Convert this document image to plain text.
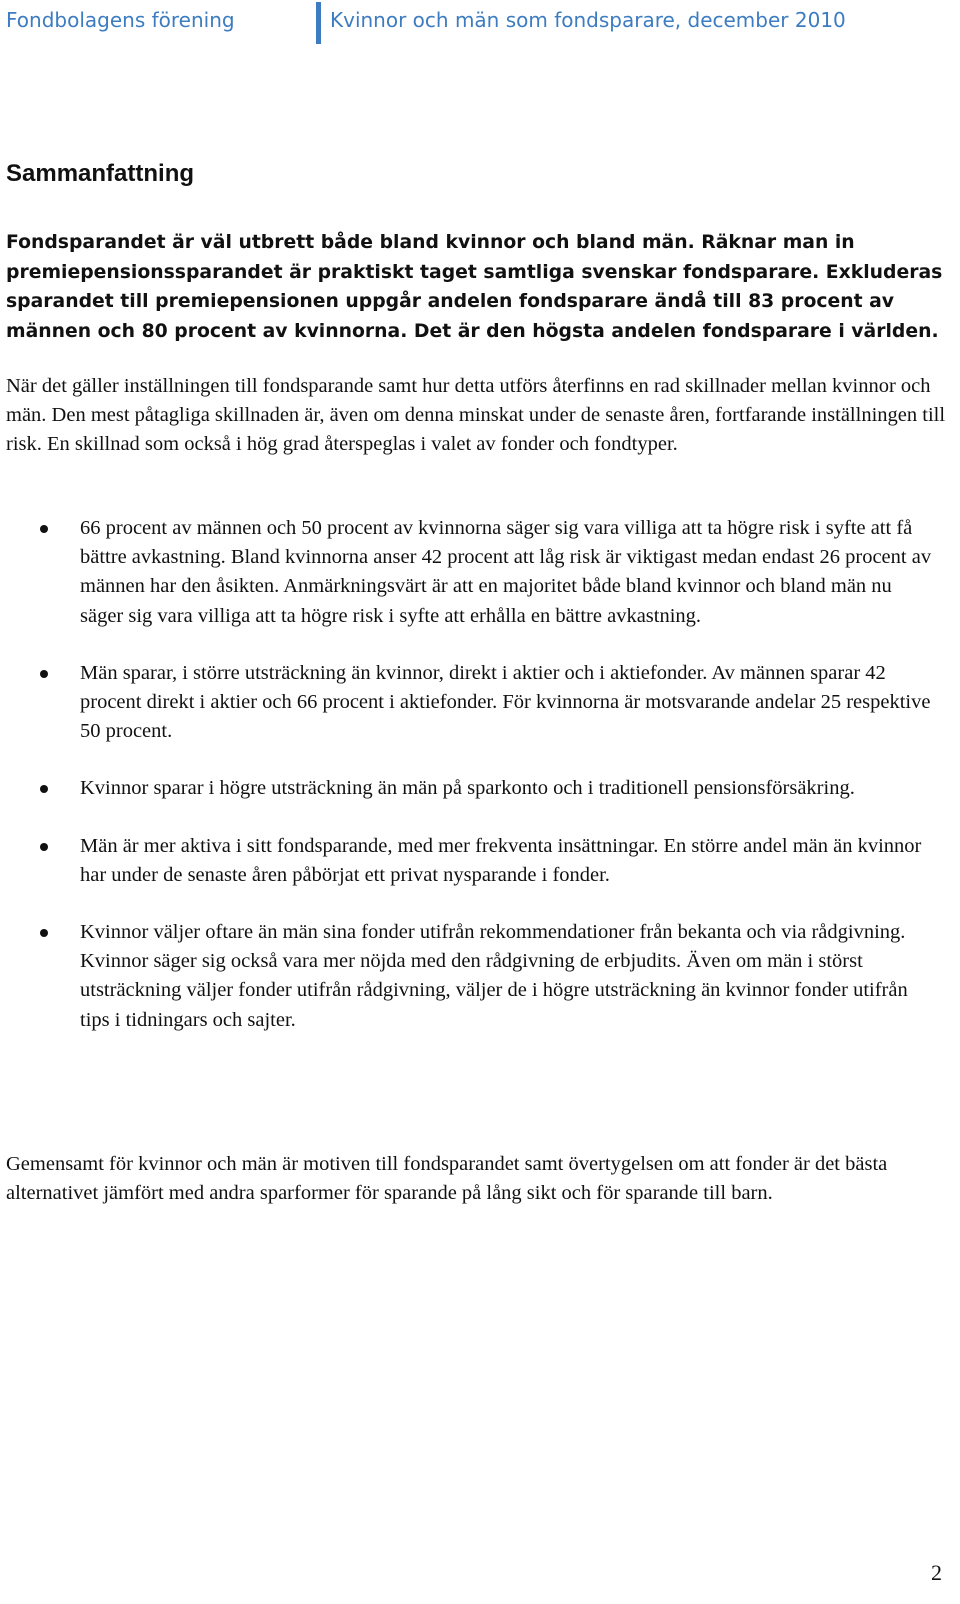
Fondbolagens förening	Kvinnor och män som fondsparare, december 2010
Sammanfattning

Fondsparandet är väl utbrett både bland kvinnor och bland män. Räknar man in premiepensionssparandet är praktiskt taget samtliga svenskar fondsparare. Exkluderas sparandet till premiepensionen uppgår andelen fondsparare ändå till 83 procent av männen och 80 procent av kvinnorna. Det är den högsta andelen fondsparare i världen.

När det gäller inställningen till fondsparande samt hur detta utförs återfinns en rad skillnader mellan kvinnor och män. Den mest påtagliga skillnaden är, även om denna minskat under de senaste åren, fortfarande inställningen till risk. En skillnad som också i hög grad återspeglas i valet av fonder och fondtyper.

66 procent av männen och 50 procent av kvinnorna säger sig vara villiga att ta högre risk i syfte att få bättre avkastning. Bland kvinnorna anser 42 procent att låg risk är viktigast medan endast 26 procent av männen har den åsikten. Anmärkningsvärt är att en majoritet både bland kvinnor och bland män nu säger sig vara villiga att ta högre risk i syfte att erhålla en bättre avkastning.
Män sparar, i större utsträckning än kvinnor, direkt i aktier och i aktiefonder. Av männen sparar 42 procent direkt i aktier och 66 procent i aktiefonder. För kvinnorna är motsvarande andelar 25 respektive 50 procent.
Kvinnor sparar i högre utsträckning än män på sparkonto och i traditionell pensionsförsäkring.
Män är mer aktiva i sitt fondsparande, med mer frekventa insättningar. En större andel män än kvinnor har under de senaste åren påbörjat ett privat nysparande i fonder.
Kvinnor väljer oftare än män sina fonder utifrån rekommendationer från bekanta och via rådgivning. Kvinnor säger sig också vara mer nöjda med den rådgivning de erbjudits. Även om män i störst utsträckning väljer fonder utifrån rådgivning, väljer de i högre utsträckning än kvinnor fonder utifrån tips i tidningars och sajter.

Gemensamt för kvinnor och män är motiven till fondsparandet samt övertygelsen om att fonder är det bästa alternativet jämfört med andra sparformer för sparande på lång sikt och för sparande till barn.

2
